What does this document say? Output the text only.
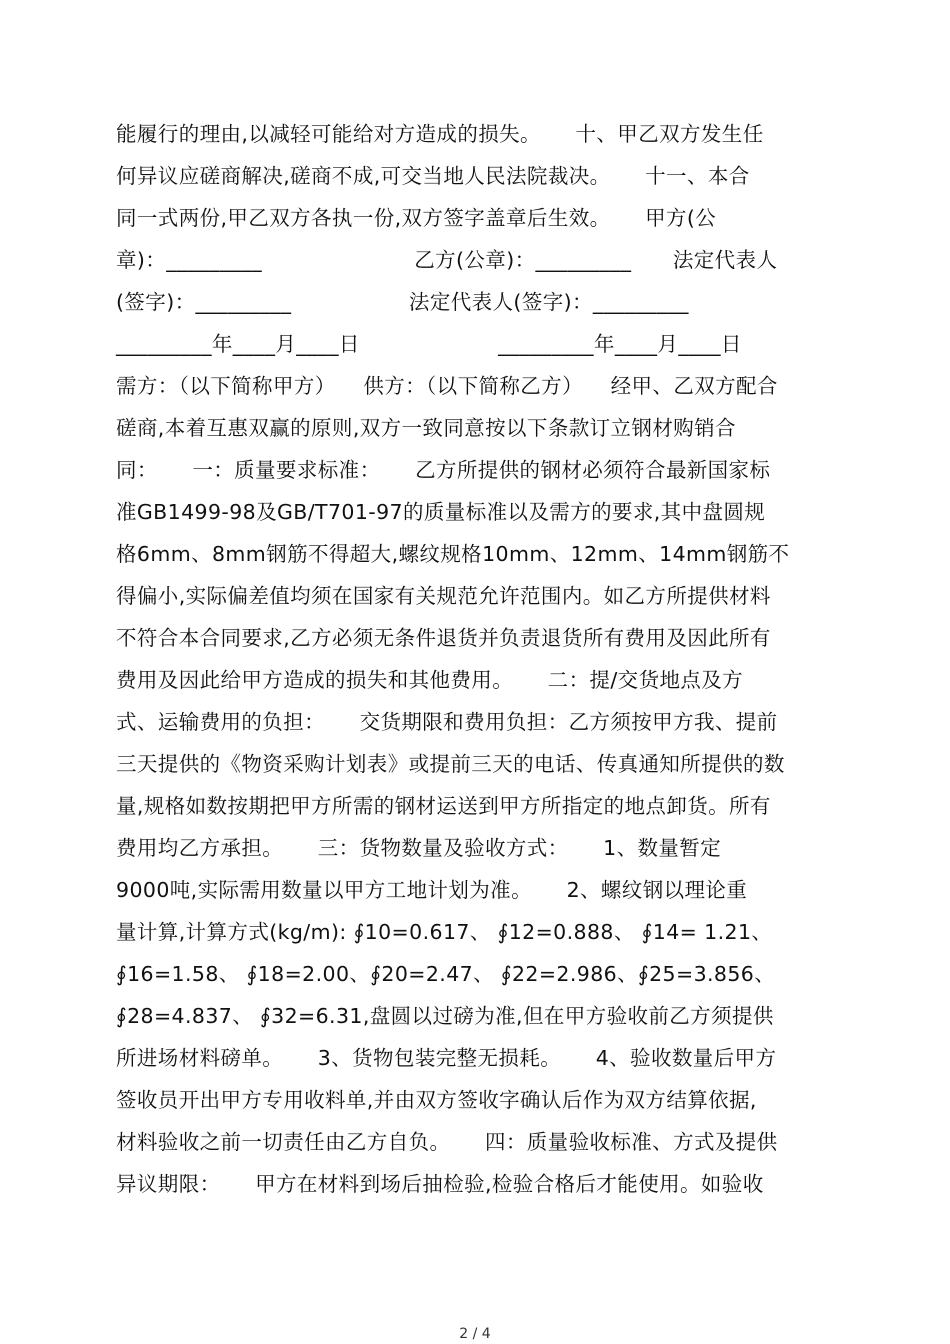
能履行的理由,以减轻可能给对方造成的损失。     十、甲乙双方发生任
何异议应磋商解决,磋商不成,可交当地人民法院裁决。     十一、本合
同一式两份,甲乙双方各执一份,双方签字盖章后生效。     甲方(公
章)：_________                      乙方(公章)：_________      法定代表人
(签字)：_________                 法定代表人(签字)：_________
_________年____月____日                    _________年____月____日
需方：（以下简称甲方）    供方：（以下简称乙方）    经甲、乙双方配合
磋商,本着互惠双赢的原则,双方一致同意按以下条款订立钢材购销合
同：     一：质量要求标准：     乙方所提供的钢材必须符合最新国家标
准GB1499-98及GB/T701-97的质量标准以及需方的要求,其中盘圆规
格6mm、8mm钢筋不得超大,螺纹规格10mm、12mm、14mm钢筋不
得偏小,实际偏差值均须在国家有关规范允许范围内。如乙方所提供材料
不符合本合同要求,乙方必须无条件退货并负责退货所有费用及因此所有
费用及因此给甲方造成的损失和其他费用。     二：提/交货地点及方
式、运输费用的负担：     交货期限和费用负担：乙方须按甲方我、提前
三天提供的《物资采购计划表》或提前三天的电话、传真通知所提供的数
量,规格如数按期把甲方所需的钢材运送到甲方所指定的地点卸货。所有
费用均乙方承担。     三：货物数量及验收方式：     1、数量暂定
9000吨,实际需用数量以甲方工地计划为准。     2、螺纹钢以理论重
量计算,计算方式(kg/m): ∮10=0.617、 ∮12=0.888、 ∮14= 1.21、
∮16=1.58、 ∮18=2.00、∮20=2.47、 ∮22=2.986、∮25=3.856、
∮28=4.837、 ∮32=6.31,盘圆以过磅为准,但在甲方验收前乙方须提供
所进场材料磅单。     3、货物包装完整无损耗。     4、验收数量后甲方
签收员开出甲方专用收料单,并由双方签收字确认后作为双方结算依据,
材料验收之前一切责任由乙方自负。     四：质量验收标准、方式及提供
异议期限：     甲方在材料到场后抽检验,检验合格后才能使用。如验收
2 / 4
